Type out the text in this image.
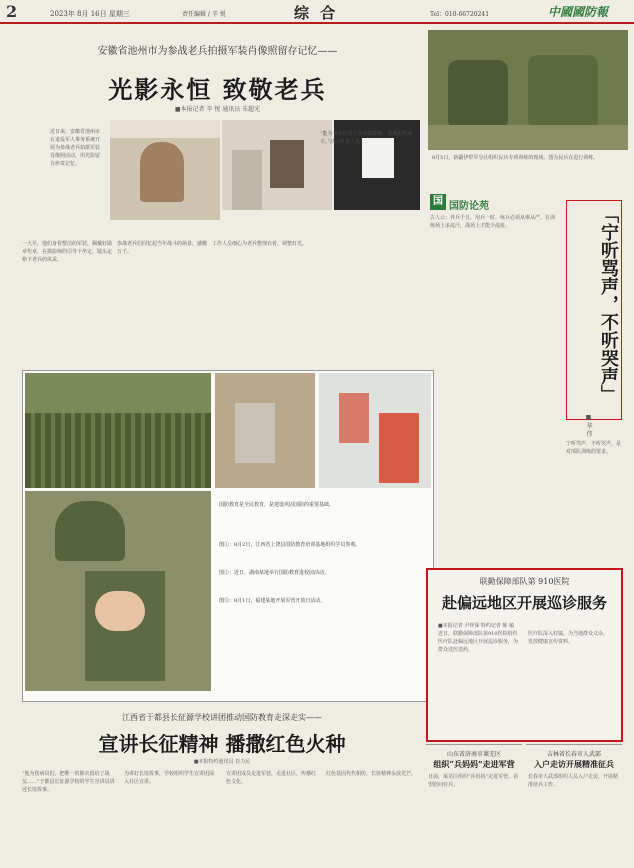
2	2023年 8月 16日 星期三	责任编辑 / 辛 悦	综 合	Tel：010-66720241	中國國防報
安徽省池州市为参战老兵拍摄军装肖像照留存记忆——
光影永恒 致敬老兵
■本报记者 辛 悦 通讯员 朱超光
近日来，安徽省池州市在退役军人事务系统开展为参战老兵拍摄军装肖像照活动，用光影留存珍贵记忆。
一大早，他们身着整洁的军装，佩戴好勋章奖章，在摄影师的引导下坐定，镜头定格下老兵的风采。
参战老兵们回忆起当年战斗的场景，感慨万千。
工作人员细心为老兵整理衣着，调整灯光。
“能为老兵们留下珍贵的影像，是我们的荣幸。”活动负责人说。
8月5日，新疆伊犁军分区组织民兵专项训练的现场。图为民兵在进行训练。
国 国防论苑
古人云：养兵千日，用兵一时。练兵必须从难从严，在训练场上多流汗，战场上才能少流血。	「宁听骂声，不听哭声」
■ 华 伟
宁听骂声，不听哭声，是对部队训练的要求。
国防教育是全民教育，是建设巩固国防的重要基础。
图①：8月2日，江西省上饶县国防教育培训基地组织学员参观。
图②：近日，湖南某地举行国防教育进校园活动。
图③：8月1日，福建某地开展军营开放日活动。
联勤保障部队第 910医院
赴偏远地区开展巡诊服务
■本报记者 尹梓深 特约记者 陈 敏
近日，联勤保障部队第910医院组织医疗队赴偏远地区开展巡诊服务，为群众送医送药。
医疗队深入村镇，为当地群众义诊，发放健康宣传资料。
江西省于都县长征源学校讲团推动国防教育走深走实——
宣讲长征精神 播撒红色火种
■本报特约通讯员 肖力民
“他为伤病员们，把唯一的棉衣留给了战友……”于都县长征源学校的学生宣讲员讲述长征故事。
为讲好长征故事，学校组织学生宣讲团深入社区宣讲。
宣讲团成员走进军营，走进社区，传播红色文化。
红色基因代代相传，长征精神永放光芒。
山东省济南市莱芜区
组织“兵妈妈”走进军营
日前，莱芜区组织“兵妈妈”走进军营，看望慰问官兵。
吉林省长春市人武部
入户走访开展精准征兵
长春市人武部组织人员入户走访，开展精准征兵工作。
